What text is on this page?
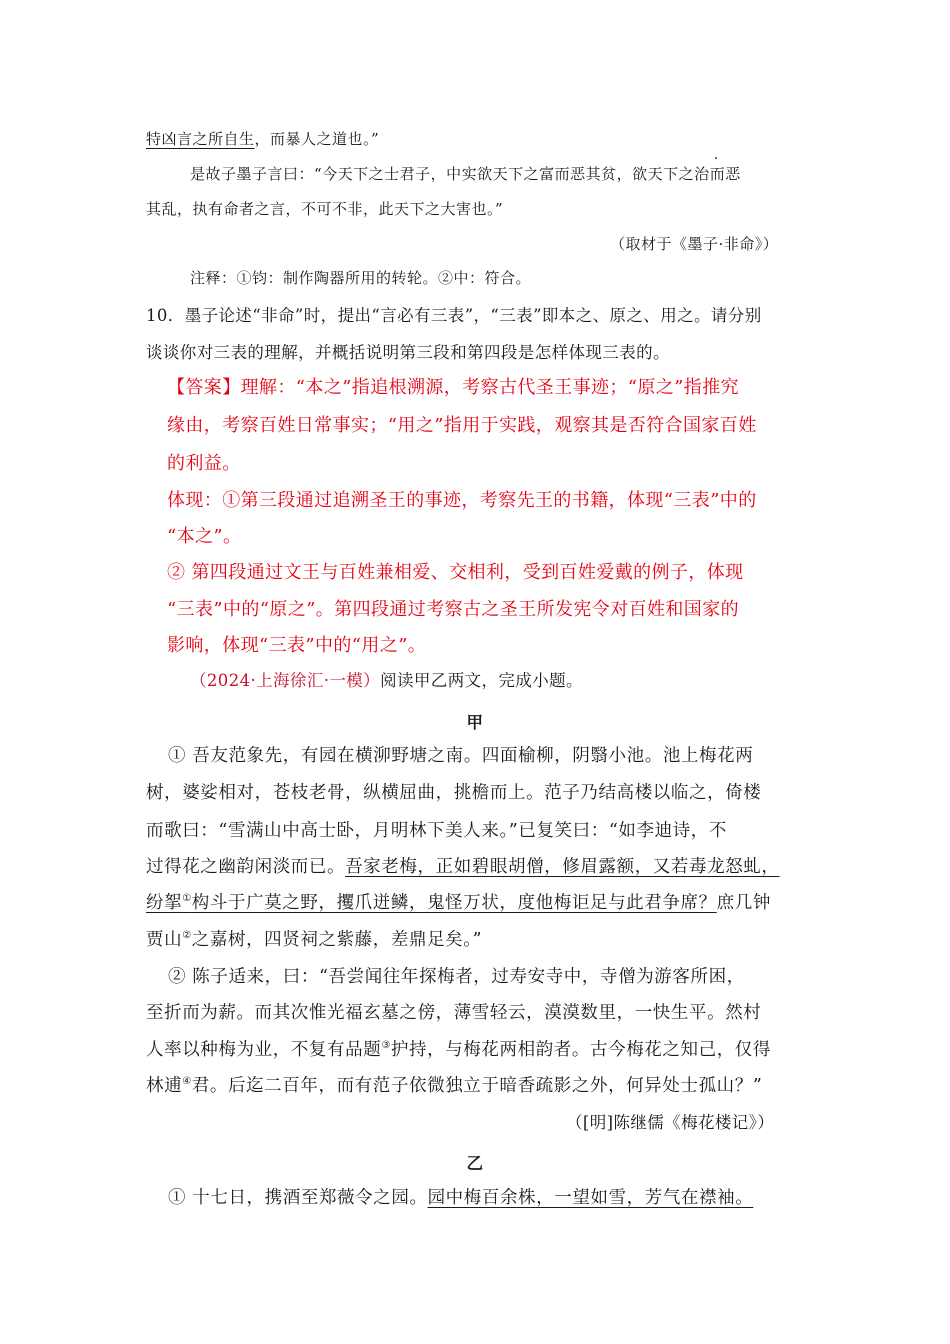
特凶言之所自生，而暴人之道也。”
是故子墨子言曰：“今天下之士君子，中实欲天下之富而恶其贫，欲天下之治而恶
其乱，执有命者之言，不可不非，此天下之大害也。”
（取材于《墨子·非命》）
注释：①钧：制作陶器所用的转轮。②中：符合。
10．墨子论述“非命”时，提出“言必有三表”，“三表”即本之、原之、用之。请分别
谈谈你对三表的理解，并概括说明第三段和第四段是怎样体现三表的。
【答案】理解：“本之”指追根溯源，考察古代圣王事迹；“原之”指推究
缘由，考察百姓日常事实；“用之”指用于实践，观察其是否符合国家百姓
的利益。
体现：①第三段通过追溯圣王的事迹，考察先王的书籍，体现“三表”中的
“本之”。
② 第四段通过文王与百姓兼相爱、交相利，受到百姓爱戴的例子，体现
“三表”中的“原之”。第四段通过考察古之圣王所发宪令对百姓和国家的
影响，体现“三表”中的“用之”。
（2024·上海徐汇·一模）阅读甲乙两文，完成小题。
甲
① 吾友范象先，有园在横泖野塘之南。四面榆柳，阴翳小池。池上梅花两
树，婆娑相对，苍枝老骨，纵横屈曲，挑檐而上。范子乃结高楼以临之，倚楼
而歌曰：“雪满山中高士卧，月明林下美人来。”已复笑曰：“如李迪诗，不
过得花之幽韵闲淡而已。吾家老梅，正如碧眼胡僧，修眉露额，又若毒龙怒虬，
纷挐①构斗于广莫之野，攫爪迸鳞，鬼怪万状，度他梅讵足与此君争席？庶几钟
贾山②之嘉树，四贤祠之紫藤，差鼎足矣。”
② 陈子适来，曰：“吾尝闻往年探梅者，过寿安寺中，寺僧为游客所困，
至折而为薪。而其次惟光福玄墓之傍，薄雪轻云，漠漠数里，一快生平。然村
人率以种梅为业，不复有品题③护持，与梅花两相韵者。古今梅花之知己，仅得
林逋④君。后迄二百年，而有范子依微独立于暗香疏影之外，何异处士孤山？”
（[明]陈继儒《梅花楼记》）
乙
① 十七日，携酒至郑薇令之园。园中梅百余株，一望如雪，芳气在襟袖。
